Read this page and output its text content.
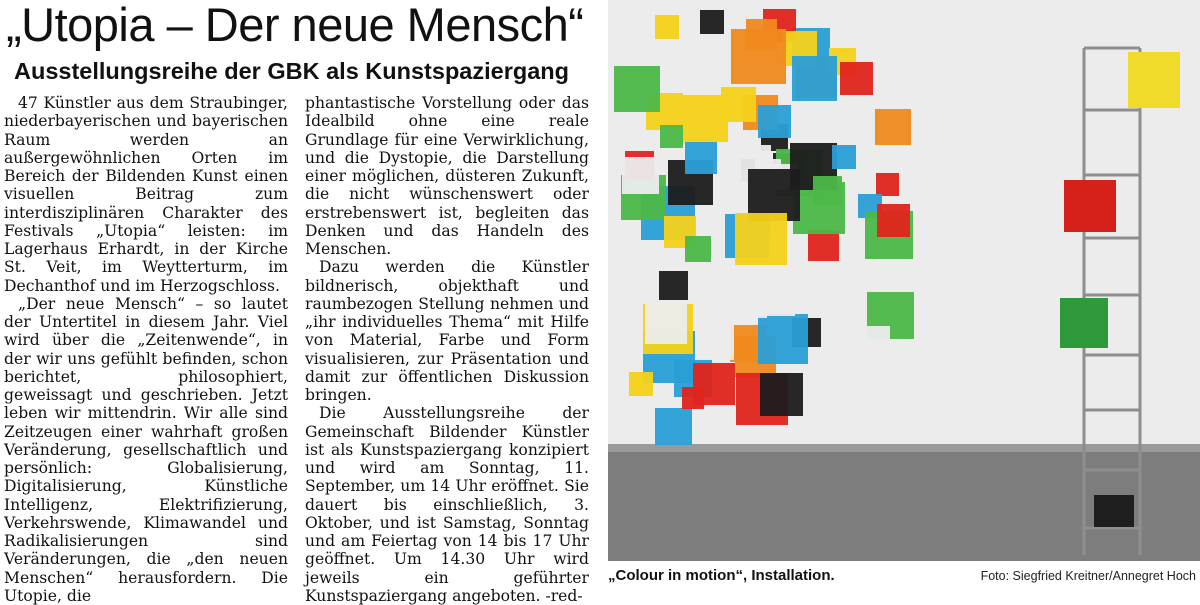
„Utopia – Der neue Mensch“
Ausstellungsreihe der GBK als Kunstspaziergang

47 Künstler aus dem Straubinger, niederbayerischen und bayerischen Raum werden an außergewöhnlichen Orten im Bereich der Bildenden Kunst einen visuellen Beitrag zum interdisziplinären Charakter des Festivals „Utopia“ leisten: im Lagerhaus Erhardt, in der Kirche St. Veit, im Weytterturm, im Dechanthof und im Herzogschloss.

„Der neue Mensch“ – so lautet der Untertitel in diesem Jahr. Viel wird über die „Zeitenwende“, in der wir uns gefühlt befinden, schon berichtet, philosophiert, geweissagt und geschrieben. Jetzt leben wir mittendrin. Wir alle sind Zeitzeugen einer wahrhaft großen Veränderung, gesellschaftlich und persönlich: Globalisierung, Digitalisierung, Künstliche Intelligenz, Elektrifizierung, Verkehrswende, Klimawandel und Radikalisierungen sind Veränderungen, die „den neuen Menschen“ herausfordern. Die Utopie, die

phantastische Vorstellung oder das Idealbild ohne eine reale Grundlage für eine Verwirklichung, und die Dystopie, die Darstellung einer möglichen, düsteren Zukunft, die nicht wünschenswert oder erstrebenswert ist, begleiten das Denken und das Handeln des Menschen.

Dazu werden die Künstler bildnerisch, objekthaft und raumbezogen Stellung nehmen und „ihr individuelles Thema“ mit Hilfe von Material, Farbe und Form visualisieren, zur Präsentation und damit zur öffentlichen Diskussion bringen.

Die Ausstellungsreihe der Gemeinschaft Bildender Künstler ist als Kunstspaziergang konzipiert und wird am Sonntag, 11. September, um 14 Uhr eröffnet. Sie dauert bis einschließlich, 3. Oktober, und ist Samstag, Sonntag und am Feiertag von 14 bis 17 Uhr geöffnet. Um 14.30 Uhr wird jeweils ein geführter Kunstspaziergang angeboten. -red-

„Colour in motion“, Installation.	Foto: Siegfried Kreitner/Annegret Hoch
